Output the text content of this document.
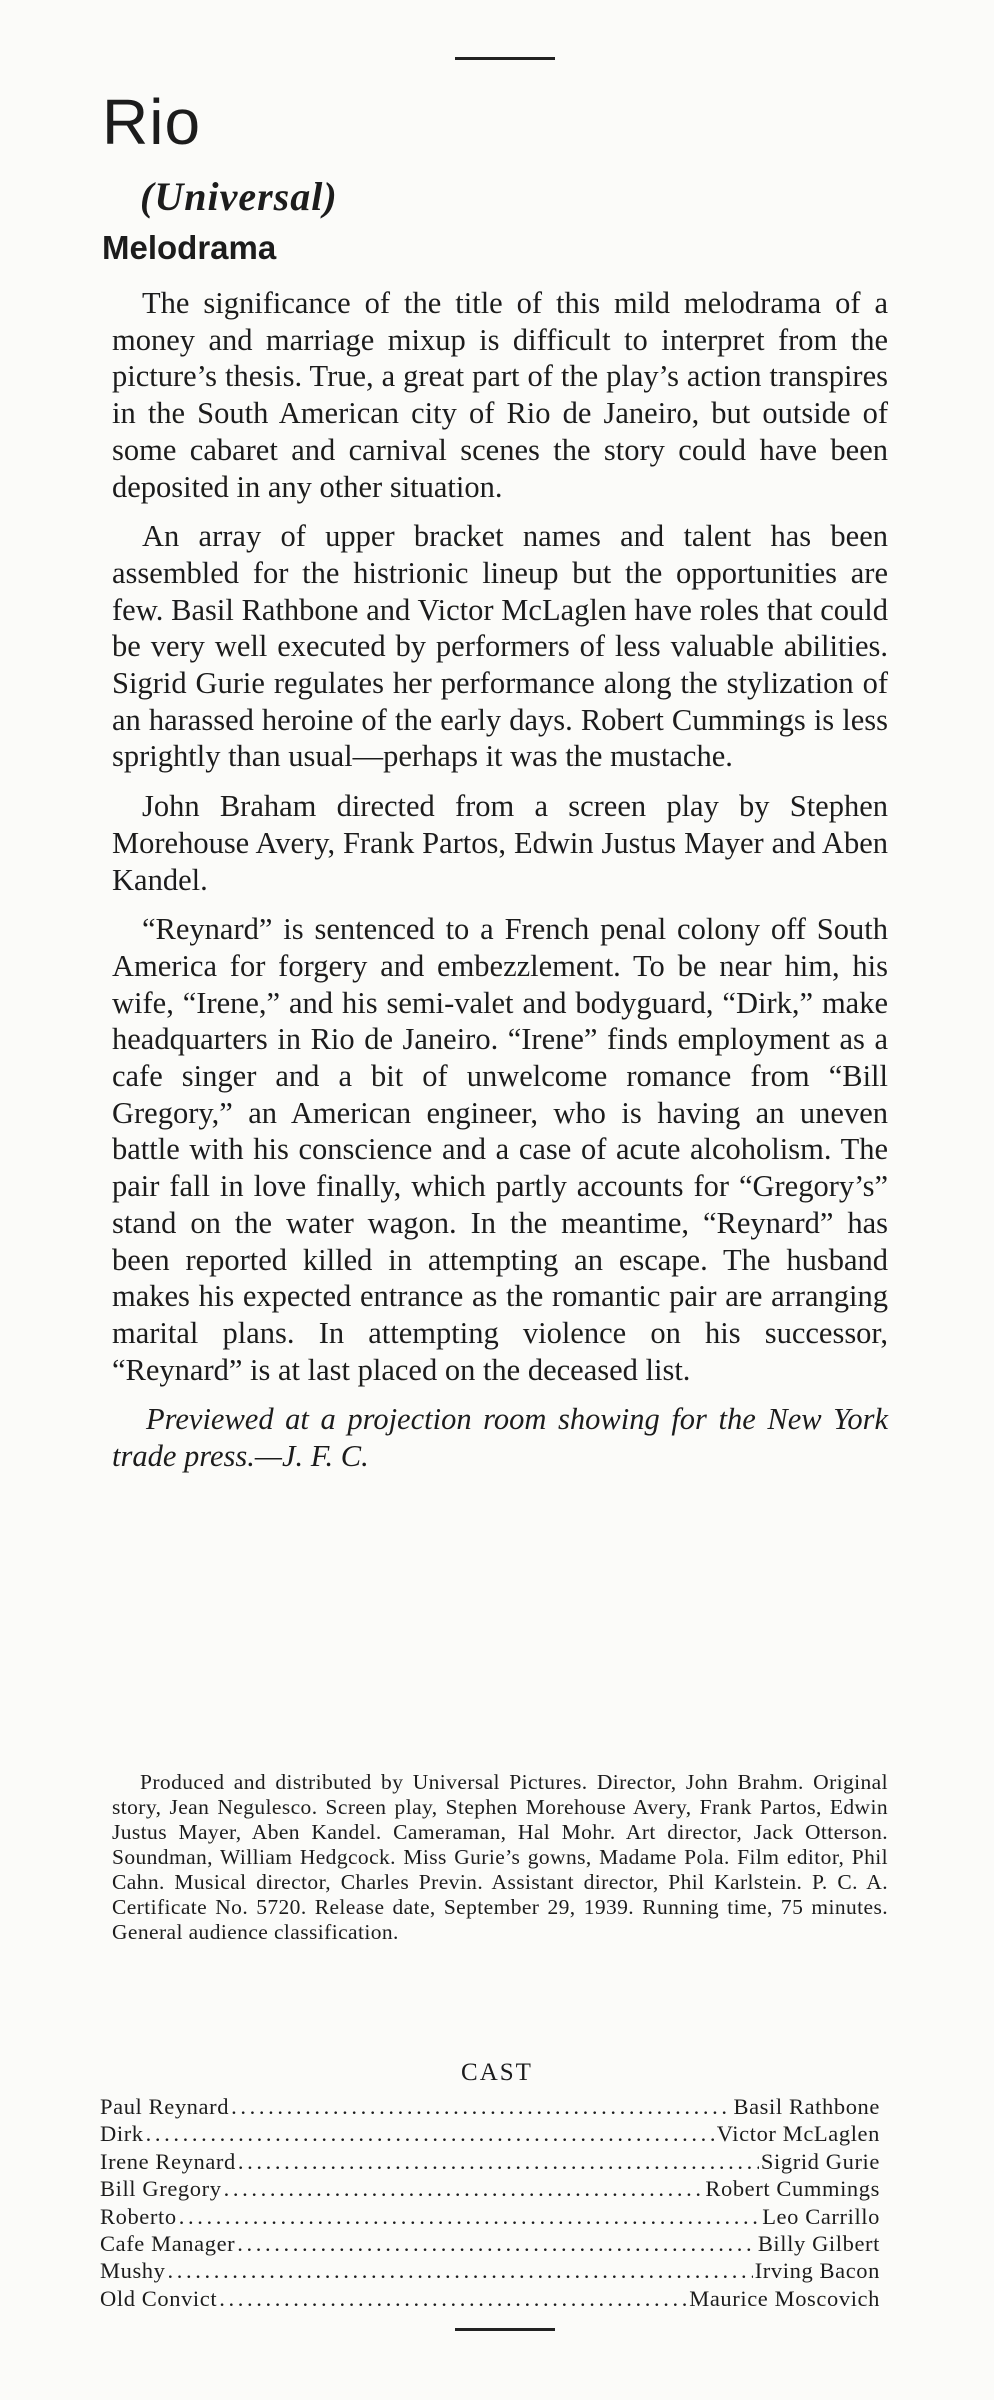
Rio
(Universal)
Melodrama

The significance of the title of this mild melodrama of a money and marriage mixup is difficult to interpret from the picture’s thesis. True, a great part of the play’s action transpires in the South American city of Rio de Janeiro, but outside of some cabaret and carnival scenes the story could have been deposited in any other situation.

An array of upper bracket names and talent has been assembled for the histrionic lineup but the opportunities are few. Basil Rathbone and Victor McLaglen have roles that could be very well executed by performers of less valuable abilities. Sigrid Gurie regulates her performance along the stylization of an harassed heroine of the early days. Robert Cummings is less sprightly than usual—perhaps it was the mustache.

John Braham directed from a screen play by Stephen Morehouse Avery, Frank Partos, Edwin Justus Mayer and Aben Kandel.

“Reynard” is sentenced to a French penal colony off South America for forgery and embezzlement. To be near him, his wife, “Irene,” and his semi-valet and bodyguard, “Dirk,” make headquarters in Rio de Janeiro. “Irene” finds employment as a cafe singer and a bit of unwelcome romance from “Bill Gregory,” an American engineer, who is having an uneven battle with his conscience and a case of acute alcoholism. The pair fall in love finally, which partly accounts for “Gregory’s” stand on the water wagon. In the meantime, “Reynard” has been reported killed in attempting an escape. The husband makes his expected entrance as the romantic pair are arranging marital plans. In attempting violence on his successor, “Reynard” is at last placed on the deceased list.

Previewed at a projection room showing for the New York trade press.—J. F. C.

Produced and distributed by Universal Pictures. Director, John Brahm. Original story, Jean Negulesco. Screen play, Stephen Morehouse Avery, Frank Partos, Edwin Justus Mayer, Aben Kandel. Cameraman, Hal Mohr. Art director, Jack Otterson. Soundman, William Hedgcock. Miss Gurie’s gowns, Madame Pola. Film editor, Phil Cahn. Musical director, Charles Previn. Assistant director, Phil Karlstein. P. C. A. Certificate No. 5720. Release date, September 29, 1939. Running time, 75 minutes. General audience classification.

CAST
Paul Reynard . . .	Basil Rathbone
Dirk . . .	Victor McLaglen
Irene Reynard . . .	Sigrid Gurie
Bill Gregory . . .	Robert Cummings
Roberto . . .	Leo Carrillo
Cafe Manager . . .	Billy Gilbert
Mushy . . .	Irving Bacon
Old Convict . . .	Maurice Moscovich
